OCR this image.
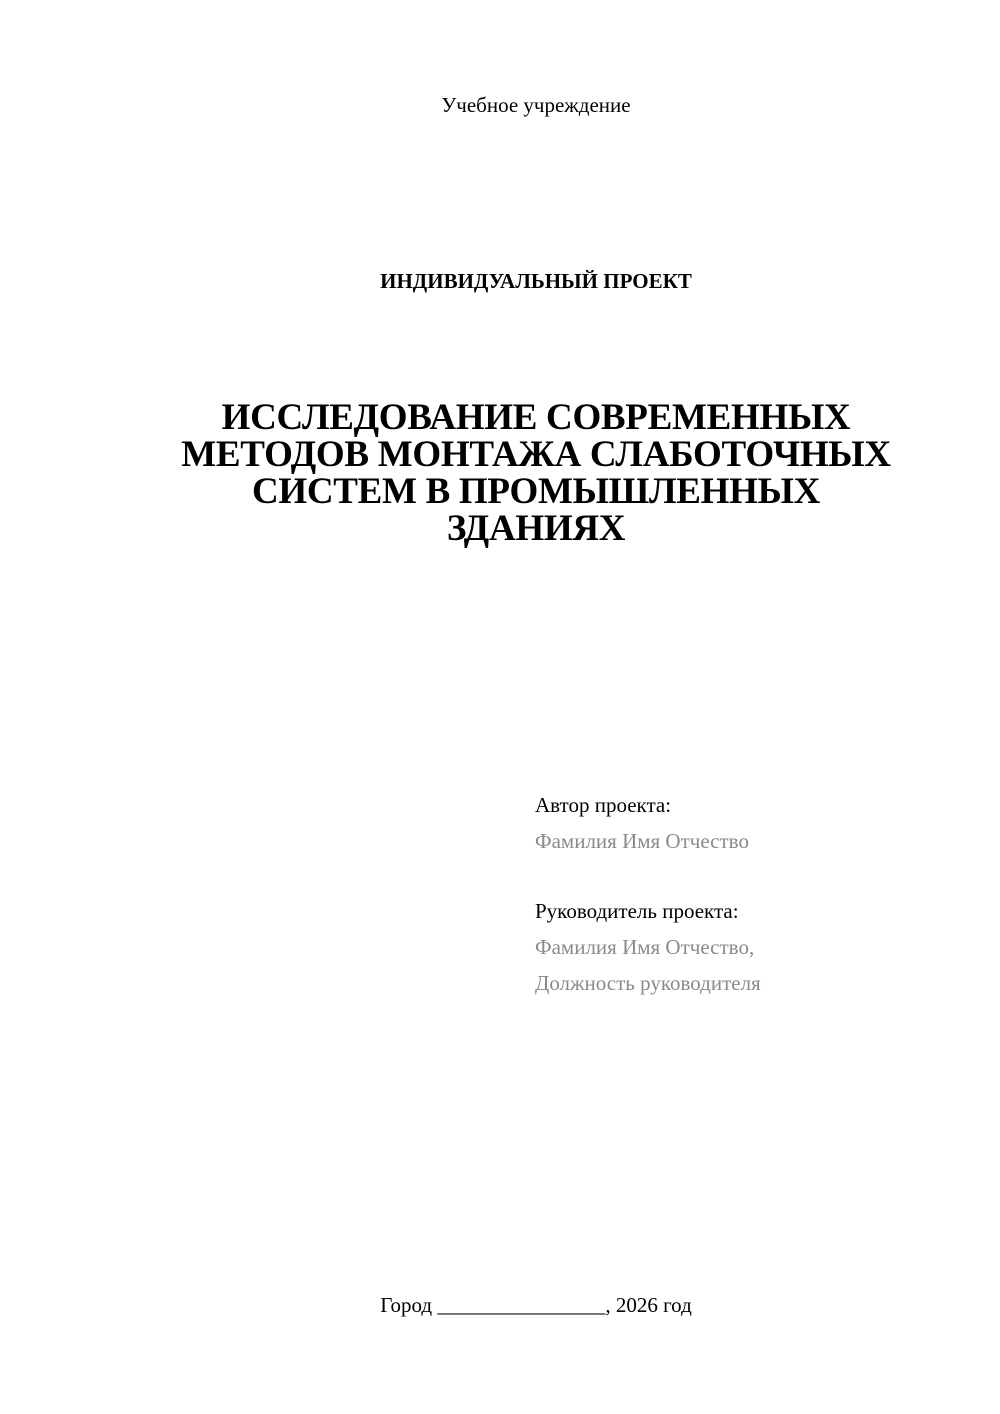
Учебное учреждение
ИНДИВИДУАЛЬНЫЙ ПРОЕКТ
ИССЛЕДОВАНИЕ СОВРЕМЕННЫХ
МЕТОДОВ МОНТАЖА СЛАБОТОЧНЫХ
СИСТЕМ В ПРОМЫШЛЕННЫХ
ЗДАНИЯХ
Автор проекта:
Фамилия Имя Отчество
Руководитель проекта:
Фамилия Имя Отчество,
Должность руководителя
Город ________________, 2026 год
